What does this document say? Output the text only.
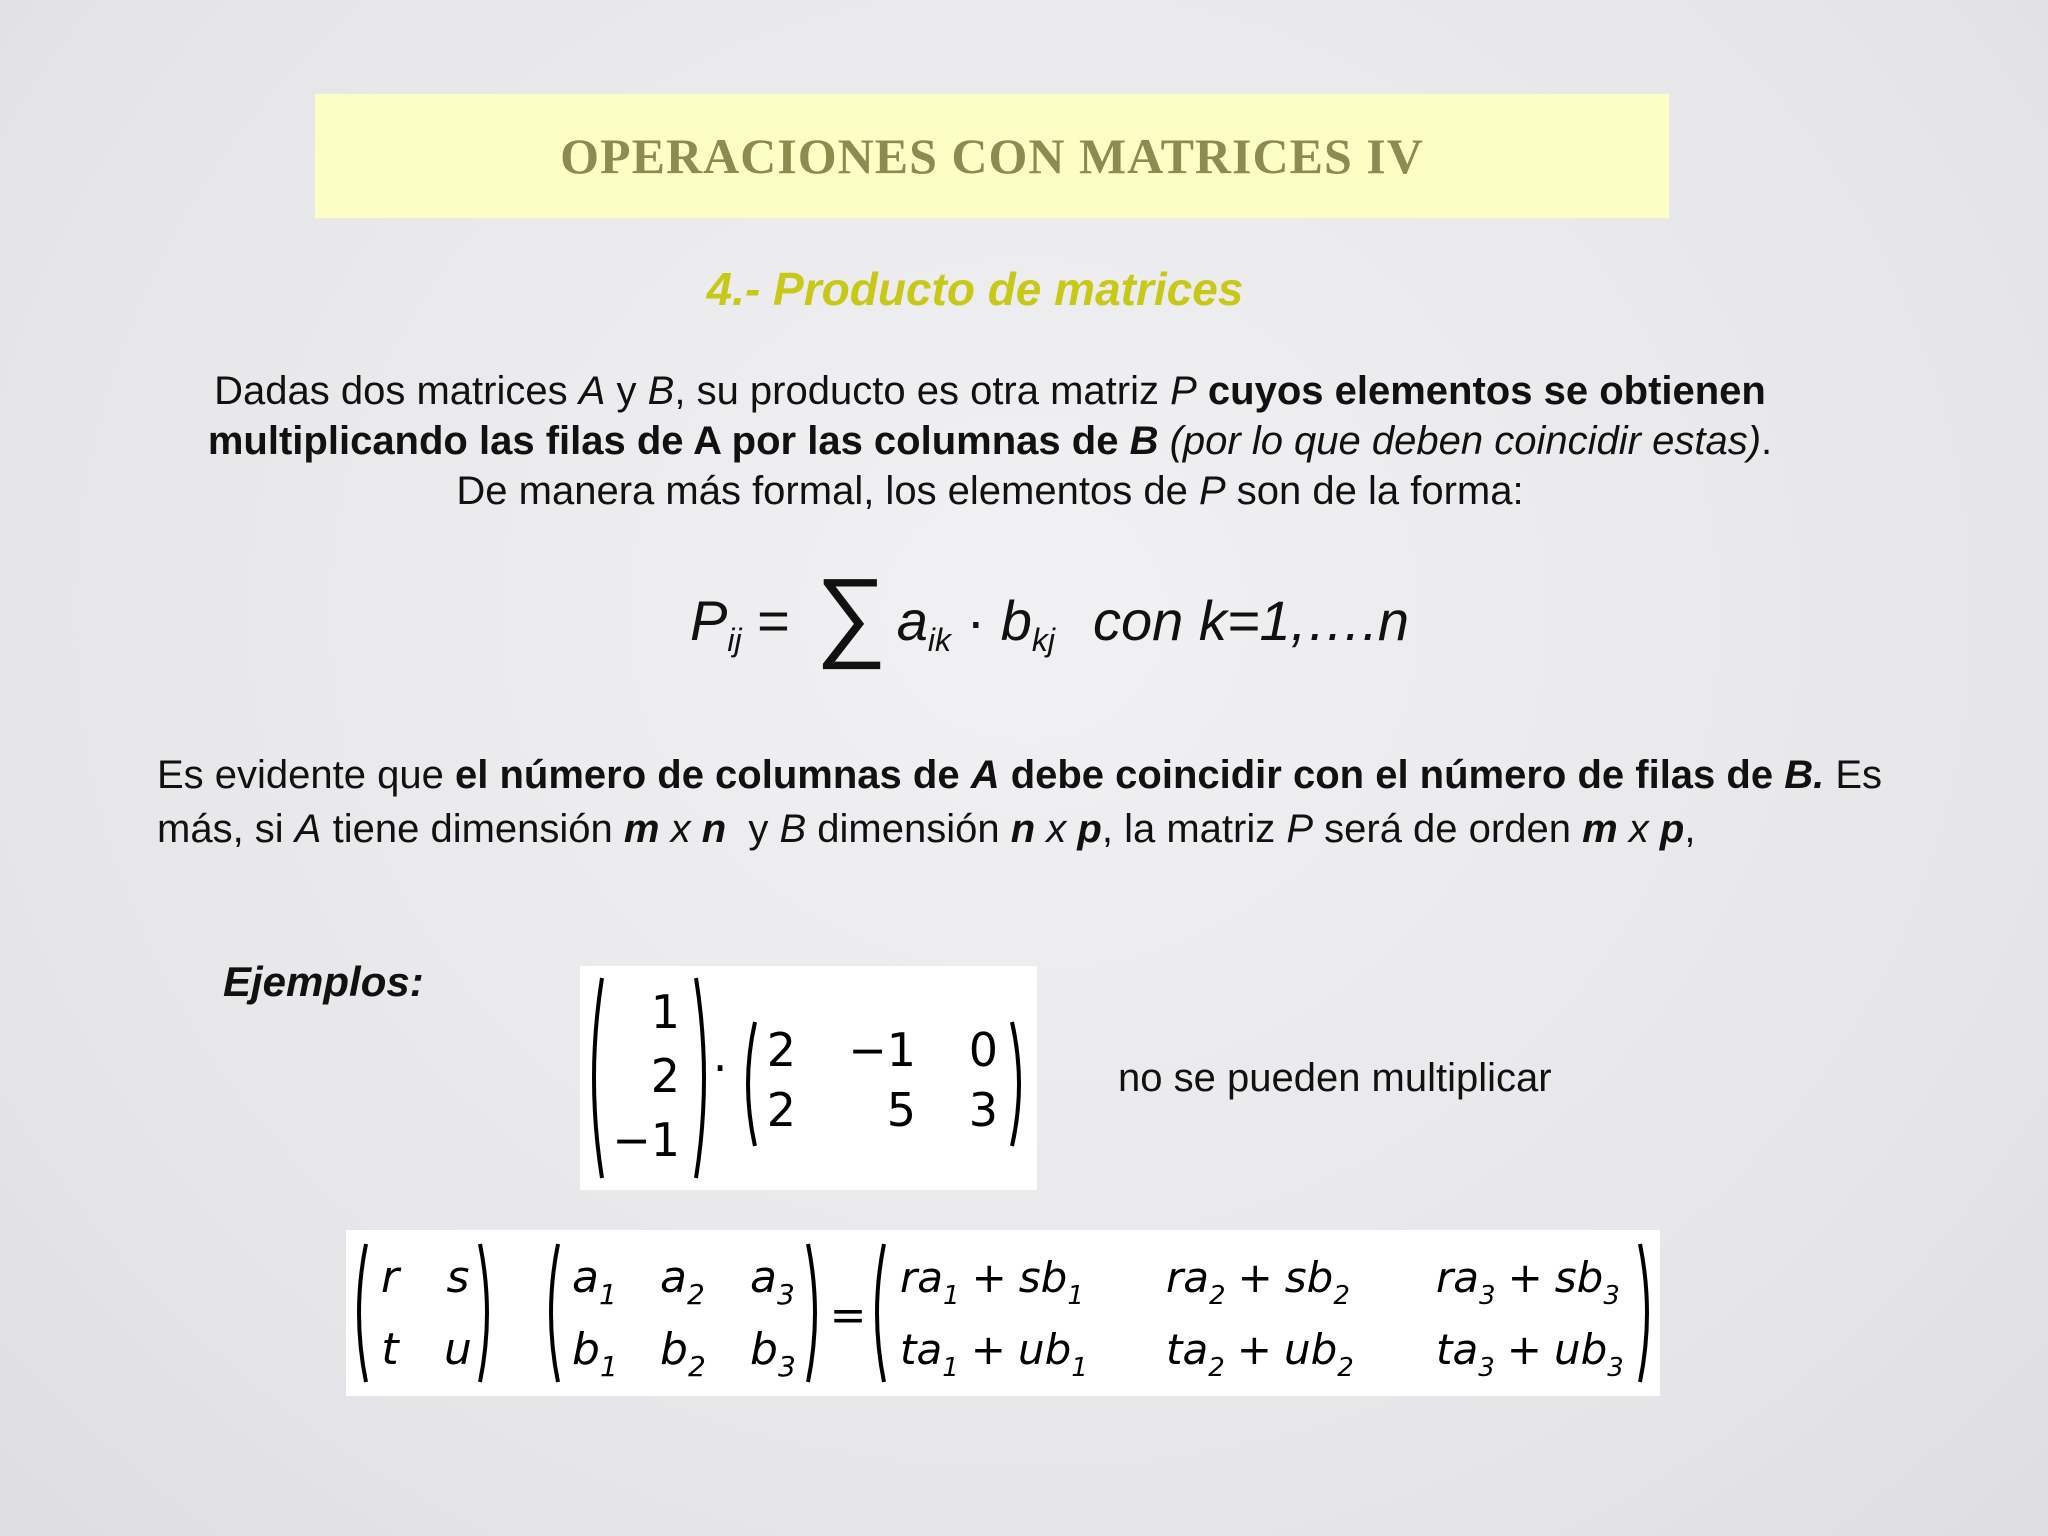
OPERACIONES CON MATRICES IV
4.- Producto de matrices
Dadas dos matrices A y B, su producto es otra matriz P cuyos elementos se obtienen multiplicando las filas de A por las columnas de B (por lo que deben coincidir estas). De manera más formal, los elementos de P son de la forma:
P ij = ∑ a ik · b kj con k=1,….n
Es evidente que el número de columnas de A debe coincidir con el número de filas de B. Es más, si A tiene dimensión m x n  y B dimensión n x p, la matriz P será de orden m x p,
Ejemplos:
1
2
−1
· 2 −1 0
2 5 3
no se pueden multiplicar
r s
t u
$a_1$ $a_2$ $a_3$
$b_1$ $b_2$ $b_3$
=
$ra_1 + sb_1$ $ra_2 + sb_2$ $ra_3 + sb_3$
$ta_1 + ub_1$ $ta_2 + ub_2$ $ta_3 + ub_3$
